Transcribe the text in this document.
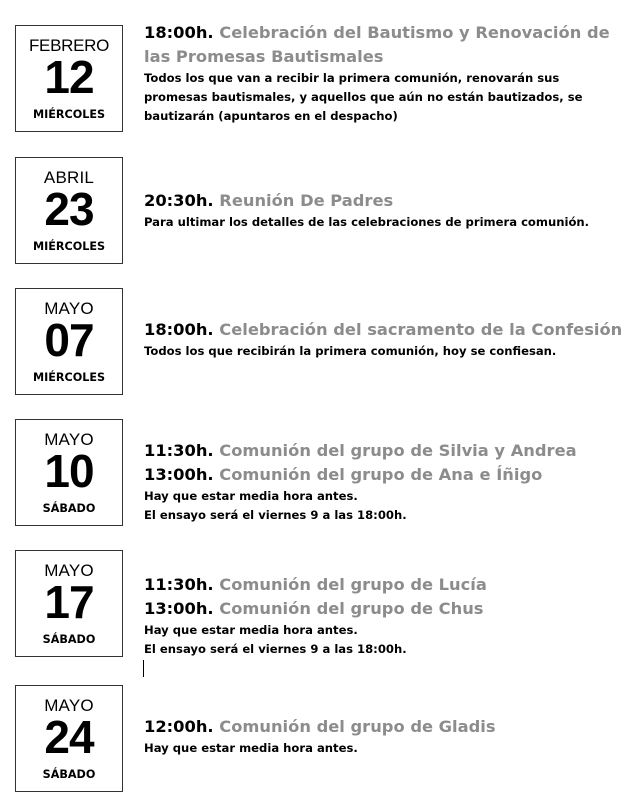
FEBRERO
12
MIÉRCOLES
18:00h. Celebración del Bautismo y Renovación de las Promesas Bautismales
Todos los que van a recibir la primera comunión, renovarán sus promesas bautismales, y aquellos que aún no están bautizados, se bautizarán (apuntaros en el despacho)
ABRIL
23
MIÉRCOLES
20:30h. Reunión De Padres
Para ultimar los detalles de las celebraciones de primera comunión.
MAYO
07
MIÉRCOLES
18:00h. Celebración del sacramento de la Confesión
Todos los que recibirán la primera comunión, hoy se confiesan.
MAYO
10
SÁBADO
11:30h. Comunión del grupo de Silvia y Andrea
13:00h. Comunión del grupo de Ana e Íñigo
Hay que estar media hora antes.
El ensayo será el viernes 9 a las 18:00h.
MAYO
17
SÁBADO
11:30h. Comunión del grupo de Lucía
13:00h. Comunión del grupo de Chus
Hay que estar media hora antes.
El ensayo será el viernes 9 a las 18:00h.
MAYO
24
SÁBADO
12:00h. Comunión del grupo de Gladis
Hay que estar media hora antes.
